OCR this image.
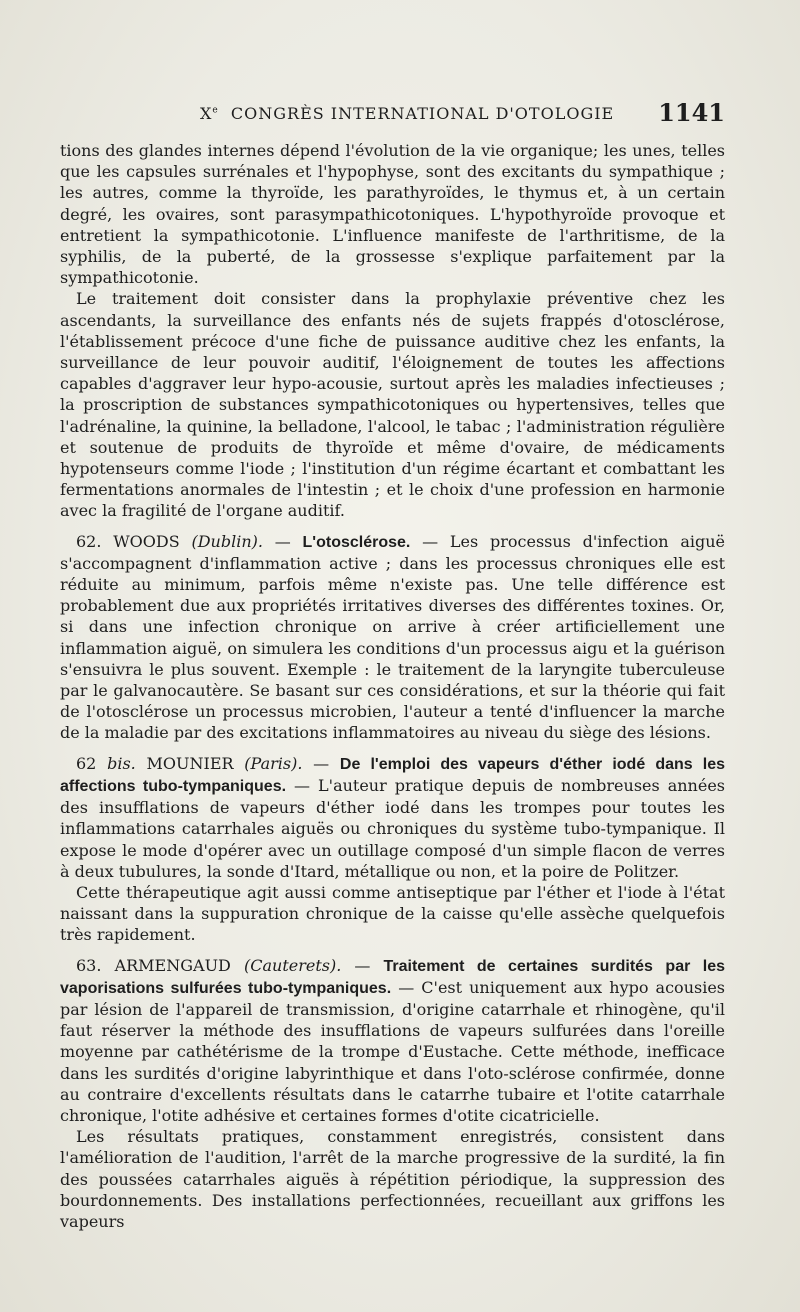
Xe CONGRÈS INTERNATIONAL D'OTOLOGIE 1141

tions des glandes internes dépend l'évolution de la vie organique; les unes, telles que les capsules surrénales et l'hypophyse, sont des excitants du sympathique ; les autres, comme la thyroïde, les parathyroïdes, le thymus et, à un certain degré, les ovaires, sont parasympathicotoniques. L'hypothyroïde provoque et entretient la sympathicotonie. L'influence manifeste de l'arthritisme, de la syphilis, de la puberté, de la grossesse s'explique parfaitement par la sympathicotonie.

Le traitement doit consister dans la prophylaxie préventive chez les ascendants, la surveillance des enfants nés de sujets frappés d'otosclérose, l'établissement précoce d'une fiche de puissance auditive chez les enfants, la surveillance de leur pouvoir auditif, l'éloignement de toutes les affections capables d'aggraver leur hypo-acousie, surtout après les maladies infectieuses ; la proscription de substances sympathicotoniques ou hypertensives, telles que l'adrénaline, la quinine, la belladone, l'alcool, le tabac ; l'administration régulière et soutenue de produits de thyroïde et même d'ovaire, de médicaments hypotenseurs comme l'iode ; l'institution d'un régime écartant et combattant les fermentations anormales de l'intestin ; et le choix d'une profession en harmonie avec la fragilité de l'organe auditif.

62. WOODS (Dublin). — L'otosclérose. — Les processus d'infection aiguë s'accompagnent d'inflammation active ; dans les processus chroniques elle est réduite au minimum, parfois même n'existe pas. Une telle différence est probablement due aux propriétés irritatives diverses des différentes toxines. Or, si dans une infection chronique on arrive à créer artificiellement une inflammation aiguë, on simulera les conditions d'un processus aigu et la guérison s'ensuivra le plus souvent. Exemple : le traitement de la laryngite tuberculeuse par le galvanocautère. Se basant sur ces considérations, et sur la théorie qui fait de l'otosclérose un processus microbien, l'auteur a tenté d'influencer la marche de la maladie par des excitations inflammatoires au niveau du siège des lésions.

62 bis. MOUNIER (Paris). — De l'emploi des vapeurs d'éther iodé dans les affections tubo-tympaniques. — L'auteur pratique depuis de nombreuses années des insufflations de vapeurs d'éther iodé dans les trompes pour toutes les inflammations catarrhales aiguës ou chroniques du système tubo-tympanique. Il expose le mode d'opérer avec un outillage composé d'un simple flacon de verres à deux tubulures, la sonde d'Itard, métallique ou non, et la poire de Politzer.

Cette thérapeutique agit aussi comme antiseptique par l'éther et l'iode à l'état naissant dans la suppuration chronique de la caisse qu'elle assèche quelquefois très rapidement.

63. ARMENGAUD (Cauterets). — Traitement de certaines surdités par les vaporisations sulfurées tubo-tympaniques. — C'est uniquement aux hypo acousies par lésion de l'appareil de transmission, d'origine catarrhale et rhinogène, qu'il faut réserver la méthode des insufflations de vapeurs sulfurées dans l'oreille moyenne par cathétérisme de la trompe d'Eustache. Cette méthode, inefficace dans les surdités d'origine labyrinthique et dans l'oto-sclérose confirmée, donne au contraire d'excellents résultats dans le catarrhe tubaire et l'otite catarrhale chronique, l'otite adhésive et certaines formes d'otite cicatricielle.

Les résultats pratiques, constamment enregistrés, consistent dans l'amélioration de l'audition, l'arrêt de la marche progressive de la surdité, la fin des poussées catarrhales aiguës à répétition périodique, la suppression des bourdonnements. Des installations perfectionnées, recueillant aux griffons les vapeurs
